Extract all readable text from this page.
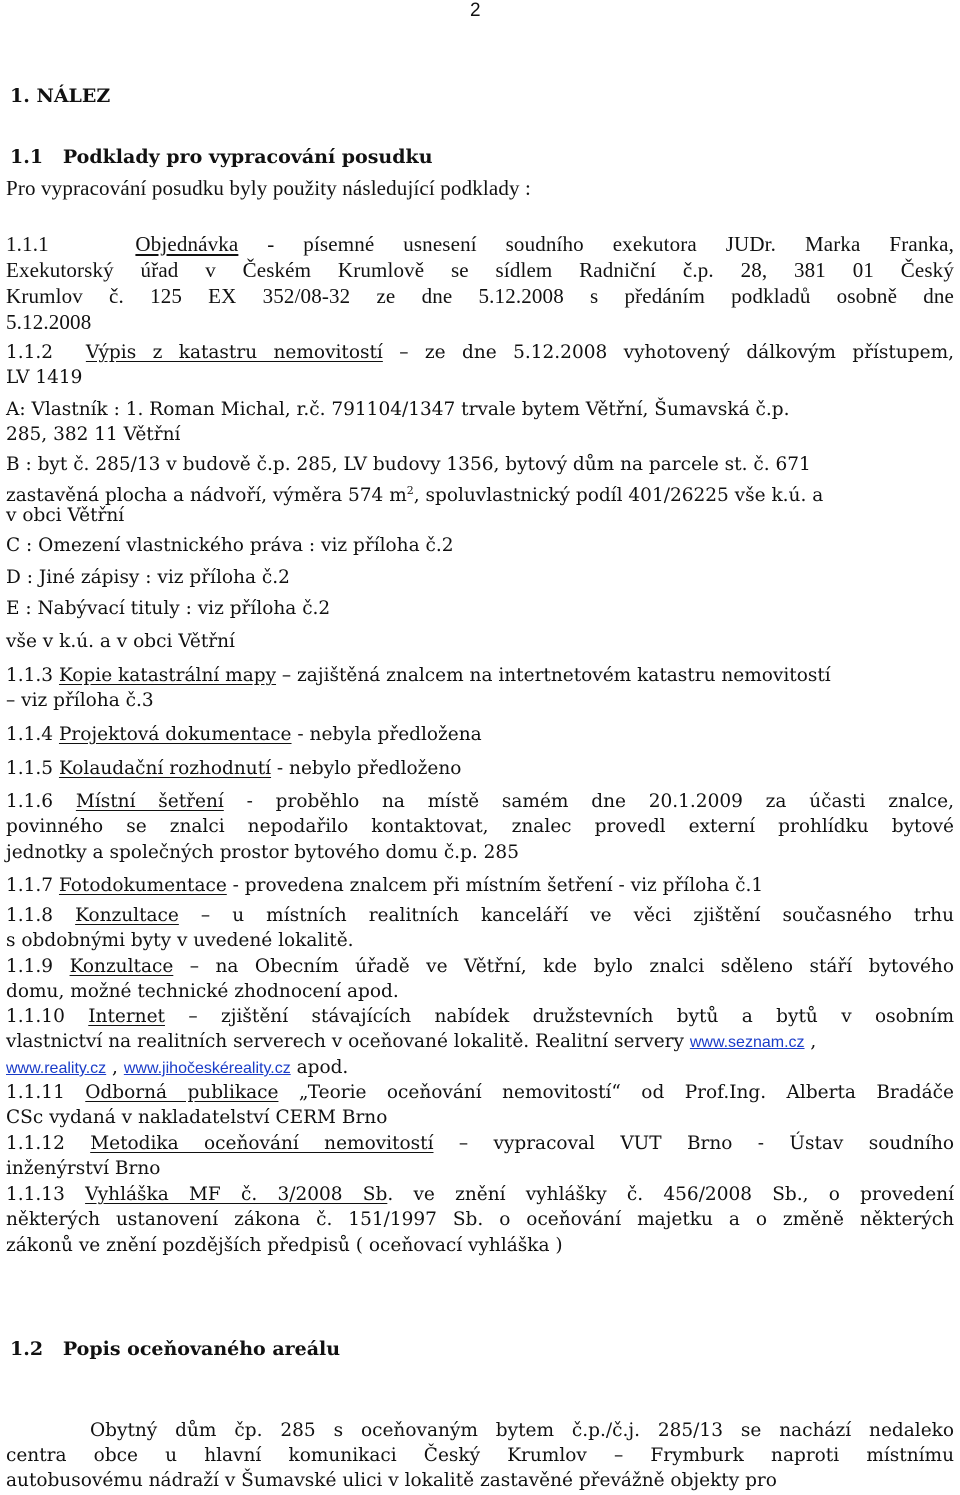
2
1. NÁLEZ
1.1   Podklady pro vypracování posudku
Pro vypracování posudku byly použity následující podklady :
1.1.1	Objednávka - písemné usnesení soudního exekutora JUDr. Marka Franka,
Exekutorský úřad v Českém Krumlově se sídlem Radniční č.p. 28, 381 01 Český
Krumlov č. 125 EX 352/08-32 ze dne 5.12.2008 s předáním podkladů osobně dne
5.12.2008
1.1.2 Výpis z katastru nemovitostí – ze dne 5.12.2008 vyhotovený dálkovým přístupem,
LV 1419
A: Vlastník : 1. Roman Michal, r.č. 791104/1347 trvale bytem Větřní, Šumavská č.p.
285, 382 11 Větřní
B : byt č. 285/13 v budově č.p. 285, LV budovy 1356, bytový dům na parcele st. č. 671
zastavěná plocha a nádvoří, výměra 574 $m^2$, spoluvlastnický podíl 401/26225 vše k.ú. a
v obci Větřní
C : Omezení vlastnického práva : viz příloha č.2
D : Jiné zápisy : viz příloha č.2
E : Nabývací tituly : viz příloha č.2
vše v k.ú. a v obci Větřní
1.1.3 Kopie katastrální mapy – zajištěná znalcem na intertnetovém katastru nemovitostí
– viz příloha č.3
1.1.4 Projektová dokumentace - nebyla předložena
1.1.5 Kolaudační rozhodnutí - nebylo předloženo
1.1.6 Místní šetření - proběhlo na místě samém dne 20.1.2009 za účasti znalce,
povinného se znalci nepodařilo kontaktovat, znalec provedl externí prohlídku bytové
jednotky a společných prostor bytového domu č.p. 285
1.1.7 Fotodokumentace - provedena znalcem při místním šetření - viz příloha č.1
1.1.8 Konzultace – u místních realitních kanceláří ve věci zjištění současného trhu
s obdobnými byty v uvedené lokalitě.
1.1.9 Konzultace – na Obecním úřadě ve Větřní, kde bylo znalci sděleno stáří bytového
domu, možné technické zhodnocení apod.
1.1.10 Internet – zjištění stávajících nabídek družstevních bytů a bytů v osobním
vlastnictví na realitních serverech v oceňované lokalitě. Realitní servery www.seznam.cz ,
www.reality.cz , www.jihočeskéreality.cz apod.
1.1.11 Odborná publikace „Teorie oceňování nemovitostí“ od Prof.Ing. Alberta Bradáče
CSc vydaná v nakladatelství CERM Brno
1.1.12 Metodika oceňování nemovitostí – vypracoval VUT Brno - Ústav soudního
inženýrství Brno
1.1.13 Vyhláška MF č. 3/2008 Sb. ve znění vyhlášky č. 456/2008 Sb., o provedení
některých ustanovení zákona č. 151/1997 Sb. o oceňování majetku a o změně některých
zákonů ve znění pozdějších předpisů ( oceňovací vyhláška )
1.2   Popis oceňovaného areálu
Obytný dům čp. 285 s oceňovaným bytem č.p./č.j. 285/13 se nachází nedaleko
centra obce u hlavní komunikaci Český Krumlov – Frymburk naproti místnímu
autobusovému nádraží v Šumavské ulici v lokalitě zastavěné převážně objekty pro
